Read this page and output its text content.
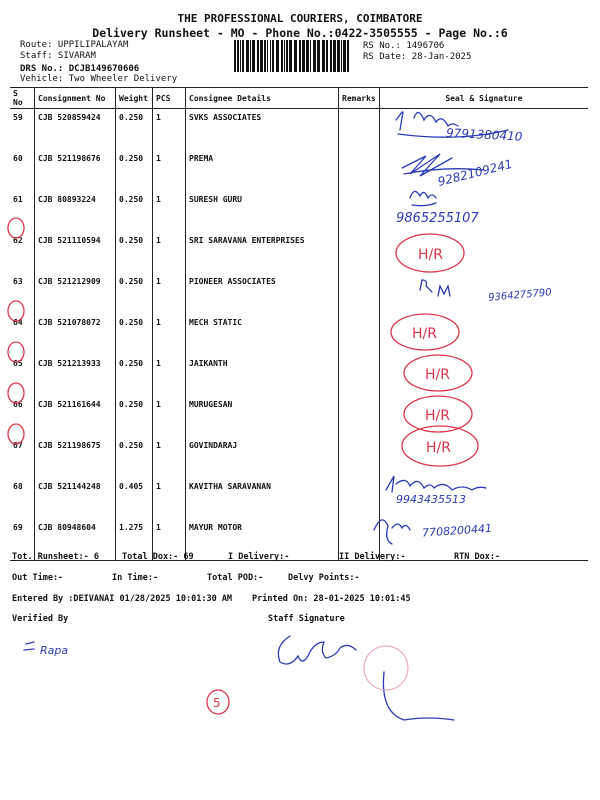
THE PROFESSIONAL COURIERS, COIMBATORE
Delivery Runsheet - MO - Phone No.:0422-3505555 - Page No.:6
Route: UPPILIPALAYAM
Staff: SIVARAM
DRS No.: DCJB149670606
Vehicle: Two Wheeler Delivery
RS No.: 1496706
RS Date: 28-Jan-2025
S No	Consignment No	Weight	PCS	Consignee Details	Remarks	Seal & Signature
59	CJB 520859424	0.250	1	SVKS ASSOCIATES		
60	CJB 521198676	0.250	1	PREMA		
61	CJB 80893224	0.250	1	SURESH GURU		
62	CJB 521110594	0.250	1	SRI SARAVANA ENTERPRISES		
63	CJB 521212909	0.250	1	PIONEER ASSOCIATES		
64	CJB 521078072	0.250	1	MECH STATIC		
65	CJB 521213933	0.250	1	JAIKANTH		
66	CJB 521161644	0.250	1	MURUGESAN		
67	CJB 521198675	0.250	1	GOVINDARAJ		
68	CJB 521144248	0.405	1	KAVITHA SARAVANAN		
69	CJB 80948604	1.275	1	MAYUR MOTOR		
Tot. Runsheet:- 6	Total Dox:- 69	I Delivery:-	II Delivery:-	RTN Dox:-
Out Time:-	In Time:-	Total POD:-	Delvy Points:-
Entered By :DEIVANAI 01/28/2025 10:01:30 AM Printed On: 28-01-2025 10:01:45
Verified By	Staff Signature
9791380410
9282109241
9865255107
9364275790
9943435513
7708200441
Rapa
H/R
H/R
H/R
H/R
H/R
5
